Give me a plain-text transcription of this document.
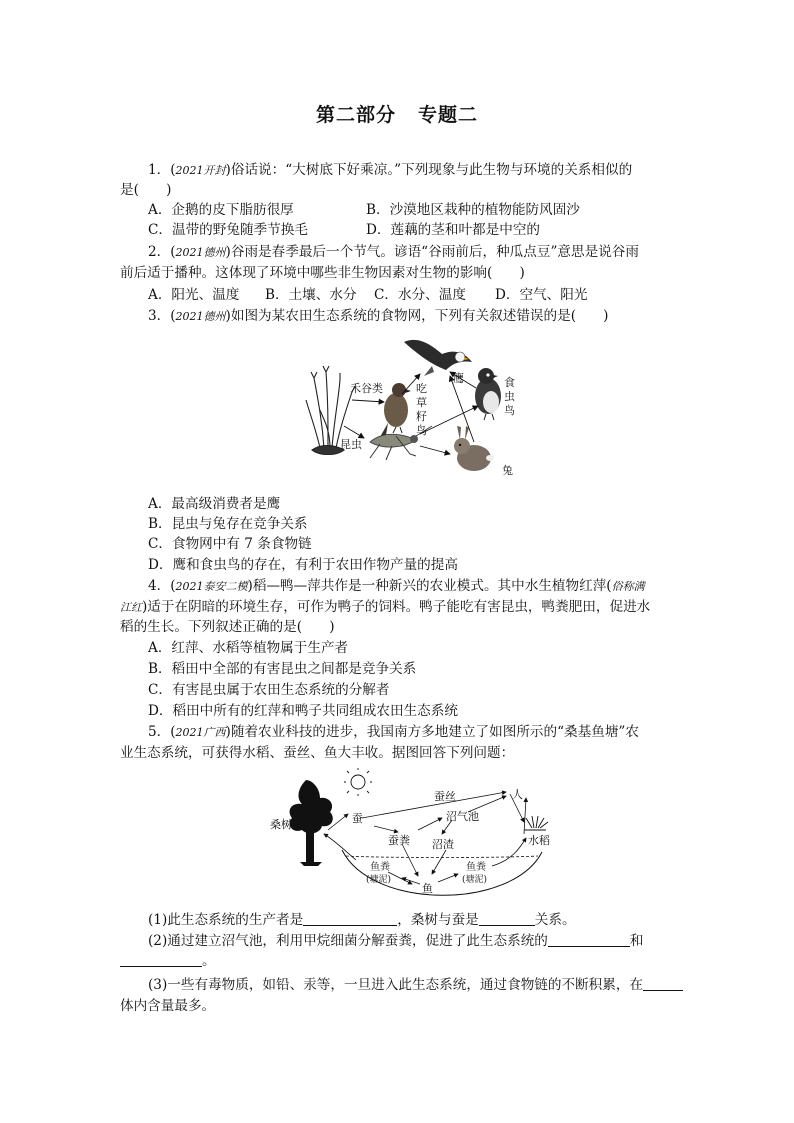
第二部分 专题二
1．(2021开封)俗话说：“大树底下好乘凉。”下列现象与此生物与环境的关系相似的
是(　　)
A．企鹅的皮下脂肪很厚	B．沙漠地区栽种的植物能防风固沙
C．温带的野兔随季节换毛	D．莲藕的茎和叶都是中空的
2．(2021德州)谷雨是春季最后一个节气。谚语“谷雨前后，种瓜点豆”意思是说谷雨
前后适于播种。这体现了环境中哪些非生物因素对生物的影响(　　)
A．阳光、温度 B．土壤、水分 C．水分、温度 D．空气、阳光
3．(2021德州)如图为某农田生态系统的食物网，下列有关叙述错误的是(　　)
禾谷类	吃
草
籽
鸟
鹰	食
虫
鸟
昆虫
兔
A．最高级消费者是鹰
B．昆虫与兔存在竞争关系
C．食物网中有 7 条食物链
D．鹰和食虫鸟的存在，有利于农田作物产量的提高
4．(2021泰安二模)稻—鸭—萍共作是一种新兴的农业模式。其中水生植物红萍(俗称满
江红)适于在阴暗的环境生存，可作为鸭子的饲料。鸭子能吃有害昆虫，鸭粪肥田，促进水
稻的生长。下列叙述正确的是(　　)
A．红萍、水稻等植物属于生产者
B．稻田中全部的有害昆虫之间都是竞争关系
C．有害昆虫属于农田生态系统的分解者
D．稻田中所有的红萍和鸭子共同组成农田生态系统
5．(2021广西)随着农业科技的进步，我国南方多地建立了如图所示的“桑基鱼塘”农
业生态系统，可获得水稻、蚕丝、鱼大丰收。据图回答下列问题：
桑树	蚕
蚕丝	人
沼气池
蚕粪 沼渣	水稻
鱼粪
(塘泥)
鱼粪
(塘泥)
鱼
(1)此生态系统的生产者是	，桑树与蚕是	关系。
(2)通过建立沼气池，利用甲烷细菌分解蚕粪，促进了此生态系统的	和
。
(3)一些有毒物质，如铅、汞等，一旦进入此生态系统，通过食物链的不断积累，在
体内含量最多。
